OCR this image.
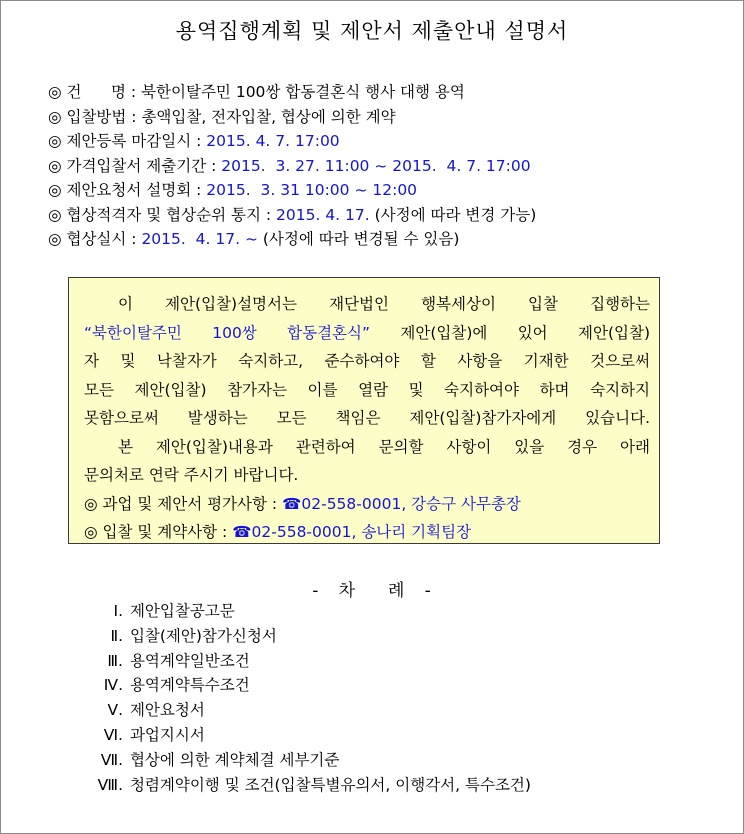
용역집행계획 및 제안서 제출안내 설명서
◎ 건      명 : 북한이탈주민 100쌍 합동결혼식 행사 대행 용역
◎ 입찰방법 : 총액입찰, 전자입찰, 협상에 의한 계약
◎ 제안등록 마감일시 : 2015. 4. 7. 17:00
◎ 가격입찰서 제출기간 : 2015.  3. 27. 11:00 ~ 2015.  4. 7. 17:00
◎ 제안요청서 설명회 : 2015.  3. 31 10:00 ~ 12:00
◎ 협상적격자 및 협상순위 통지 : 2015. 4. 17. (사정에 따라 변경 가능)
◎ 협상실시 : 2015.  4. 17. ~ (사정에 따라 변경될 수 있음)
이 제안(입찰)설명서는 재단법인 행복세상이 입찰 집행하는
“북한이탈주민 100쌍 합동결혼식” 제안(입찰)에 있어 제안(입찰)
자 및 낙찰자가 숙지하고, 준수하여야 할 사항을 기재한 것으로써
모든 제안(입찰) 참가자는 이를 열람 및 숙지하여야 하며 숙지하지
못함으로써 발생하는 모든 책임은 제안(입찰)참가자에게 있습니다.
본 제안(입찰)내용과 관련하여 문의할 사항이 있을 경우 아래
문의처로 연락 주시기 바랍니다.
◎ 과업 및 제안서 평가사항 : ☎02-558-0001, 강승구 사무총장
◎ 입찰 및 계약사항 : ☎02-558-0001, 송나리 기획팀장
-   차     례   -
Ⅰ. 제안입찰공고문
Ⅱ. 입찰(제안)참가신청서
Ⅲ. 용역계약일반조건
Ⅳ. 용역계약특수조건
Ⅴ. 제안요청서
Ⅵ. 과업지시서
Ⅶ. 협상에 의한 계약체결 세부기준
Ⅷ. 청렴계약이행 및 조건(입찰특별유의서, 이행각서, 특수조건)
